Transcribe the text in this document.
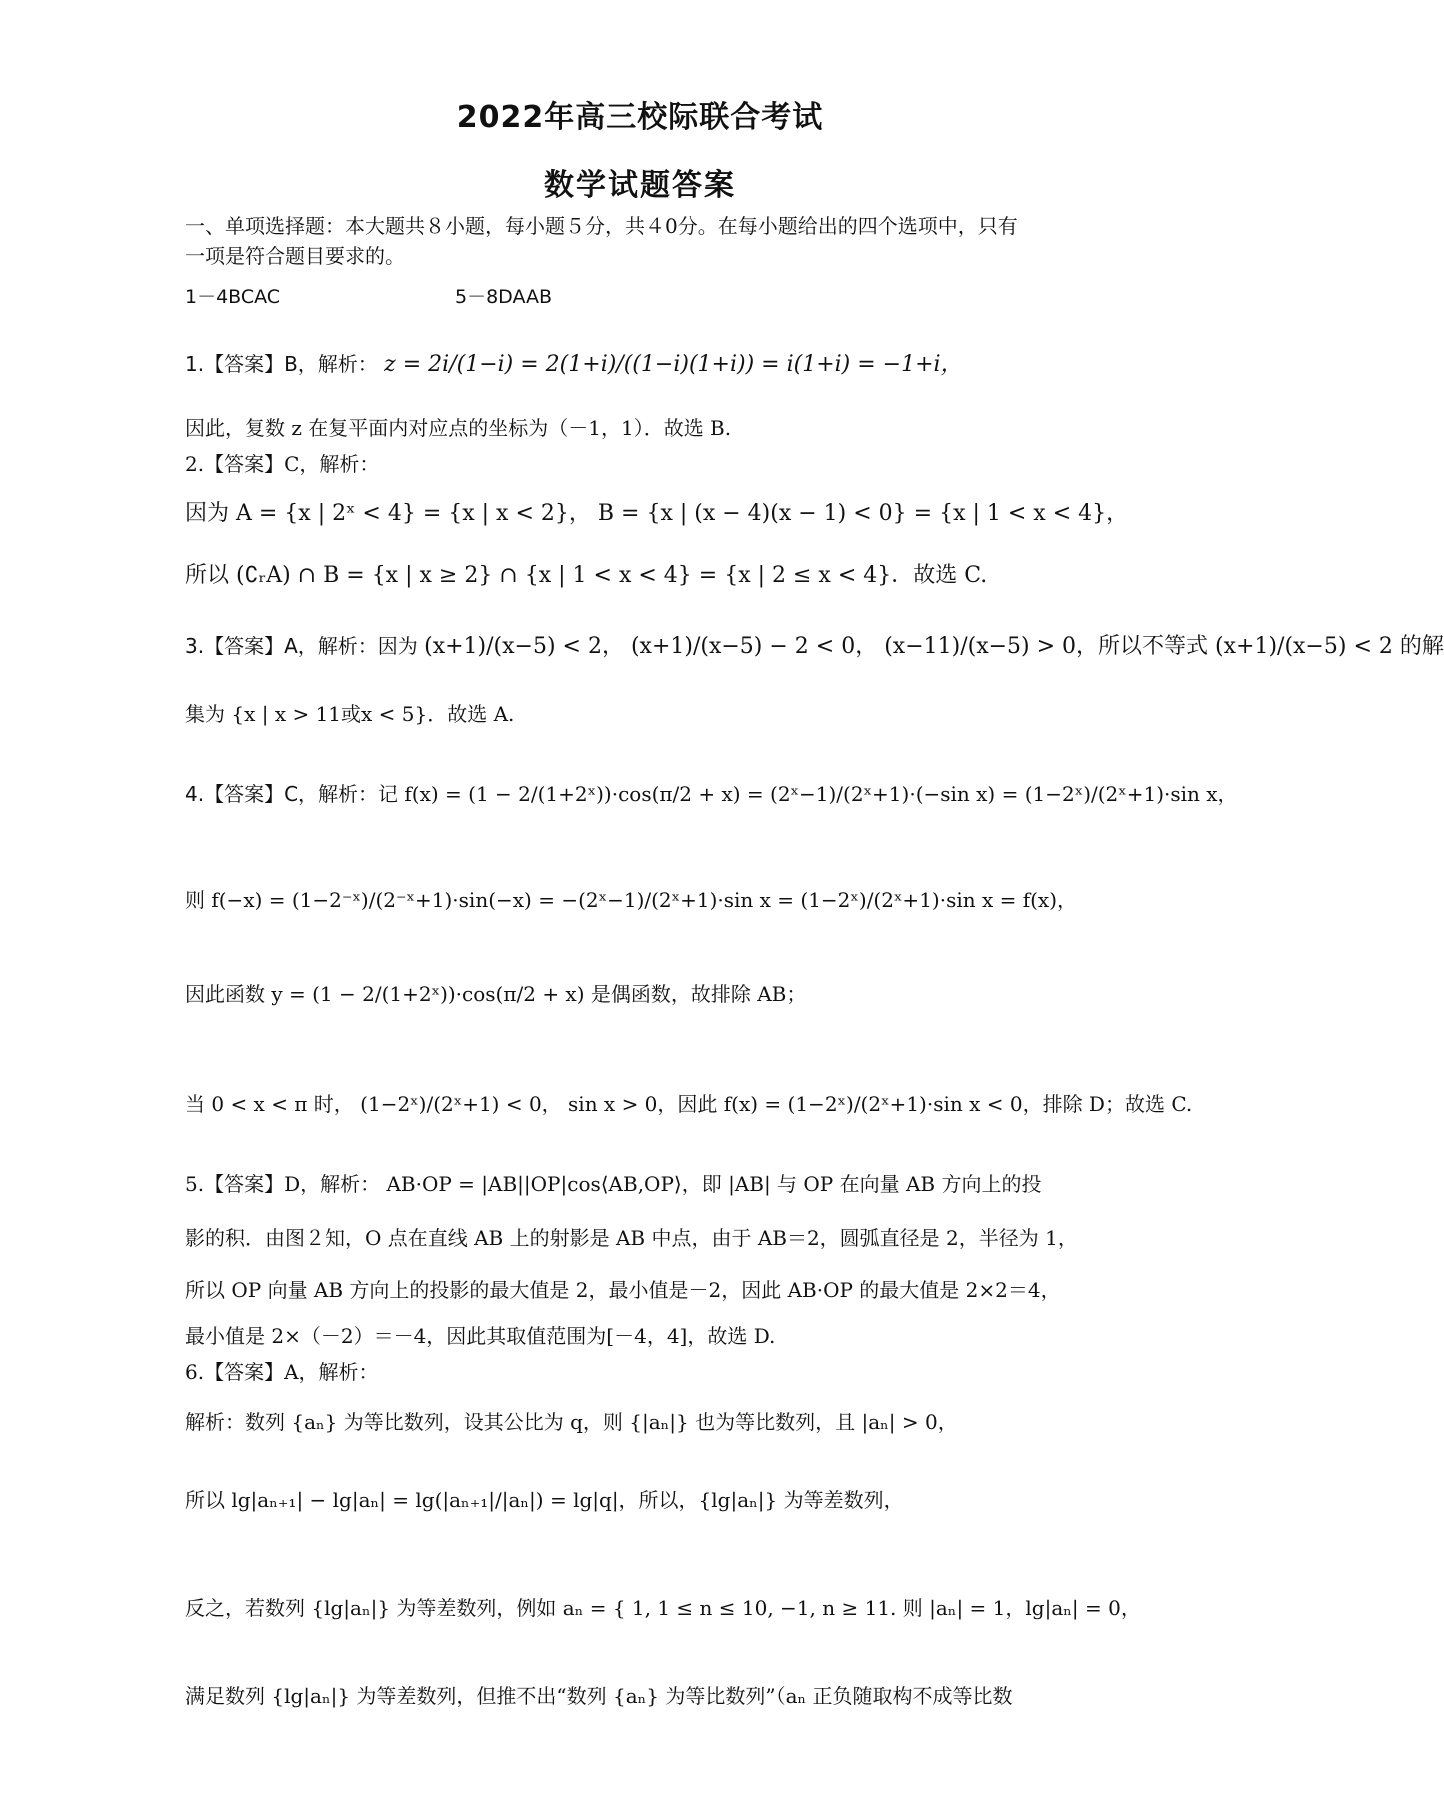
2022年高三校际联合考试
数学试题答案
一、单项选择题：本大题共８小题，每小题５分，共４0分。在每小题给出的四个选项中，只有
一项是符合题目要求的。
1－4BCAC	5－8DAAB
1.【答案】B，解析： z = 2i/(1−i) = 2(1+i)/((1−i)(1+i)) = i(1+i) = −1+i，
因此，复数 z 在复平面内对应点的坐标为（－1，1）．故选 B.
2.【答案】C，解析：
因为 A = {x | 2ˣ < 4} = {x | x < 2}， B = {x | (x − 4)(x − 1) < 0} = {x | 1 < x < 4}，
所以 (∁ᵣA) ∩ B = {x | x ≥ 2} ∩ {x | 1 < x < 4} = {x | 2 ≤ x < 4}．故选 C.
3.【答案】A，解析：因为 (x+1)/(x−5) < 2， (x+1)/(x−5) − 2 < 0， (x−11)/(x−5) > 0，所以不等式 (x+1)/(x−5) < 2 的解
集为 {x | x > 11或x < 5}．故选 A.
4.【答案】C，解析：记 f(x) = (1 − 2/(1+2ˣ))·cos(π/2 + x) = (2ˣ−1)/(2ˣ+1)·(−sin x) = (1−2ˣ)/(2ˣ+1)·sin x，
则 f(−x) = (1−2⁻ˣ)/(2⁻ˣ+1)·sin(−x) = −(2ˣ−1)/(2ˣ+1)·sin x = (1−2ˣ)/(2ˣ+1)·sin x = f(x)，
因此函数 y = (1 − 2/(1+2ˣ))·cos(π/2 + x) 是偶函数，故排除 AB；
当 0 < x < π 时， (1−2ˣ)/(2ˣ+1) < 0， sin x > 0，因此 f(x) = (1−2ˣ)/(2ˣ+1)·sin x < 0，排除 D；故选 C.
5.【答案】D，解析： AB·OP = |AB||OP|cos⟨AB,OP⟩，即 |AB| 与 OP 在向量 AB 方向上的投
影的积．由图２知，O 点在直线 AB 上的射影是 AB 中点，由于 AB＝2，圆弧直径是 2，半径为 1，
所以 OP 向量 AB 方向上的投影的最大值是 2，最小值是－2，因此 AB·OP 的最大值是 2×2＝4，
最小值是 2×（－2）＝－4，因此其取值范围为[－4，4]，故选 D.
6.【答案】A，解析：
解析：数列 {aₙ} 为等比数列，设其公比为 q，则 {|aₙ|} 也为等比数列，且 |aₙ| > 0，
所以 lg|aₙ₊₁| − lg|aₙ| = lg(|aₙ₊₁|/|aₙ|) = lg|q|，所以，{lg|aₙ|} 为等差数列，
反之，若数列 {lg|aₙ|} 为等差数列，例如 aₙ = { 1, 1 ≤ n ≤ 10, −1, n ≥ 11. 则 |aₙ| = 1，lg|aₙ| = 0，
满足数列 {lg|aₙ|} 为等差数列，但推不出“数列 {aₙ} 为等比数列”（aₙ 正负随取构不成等比数
